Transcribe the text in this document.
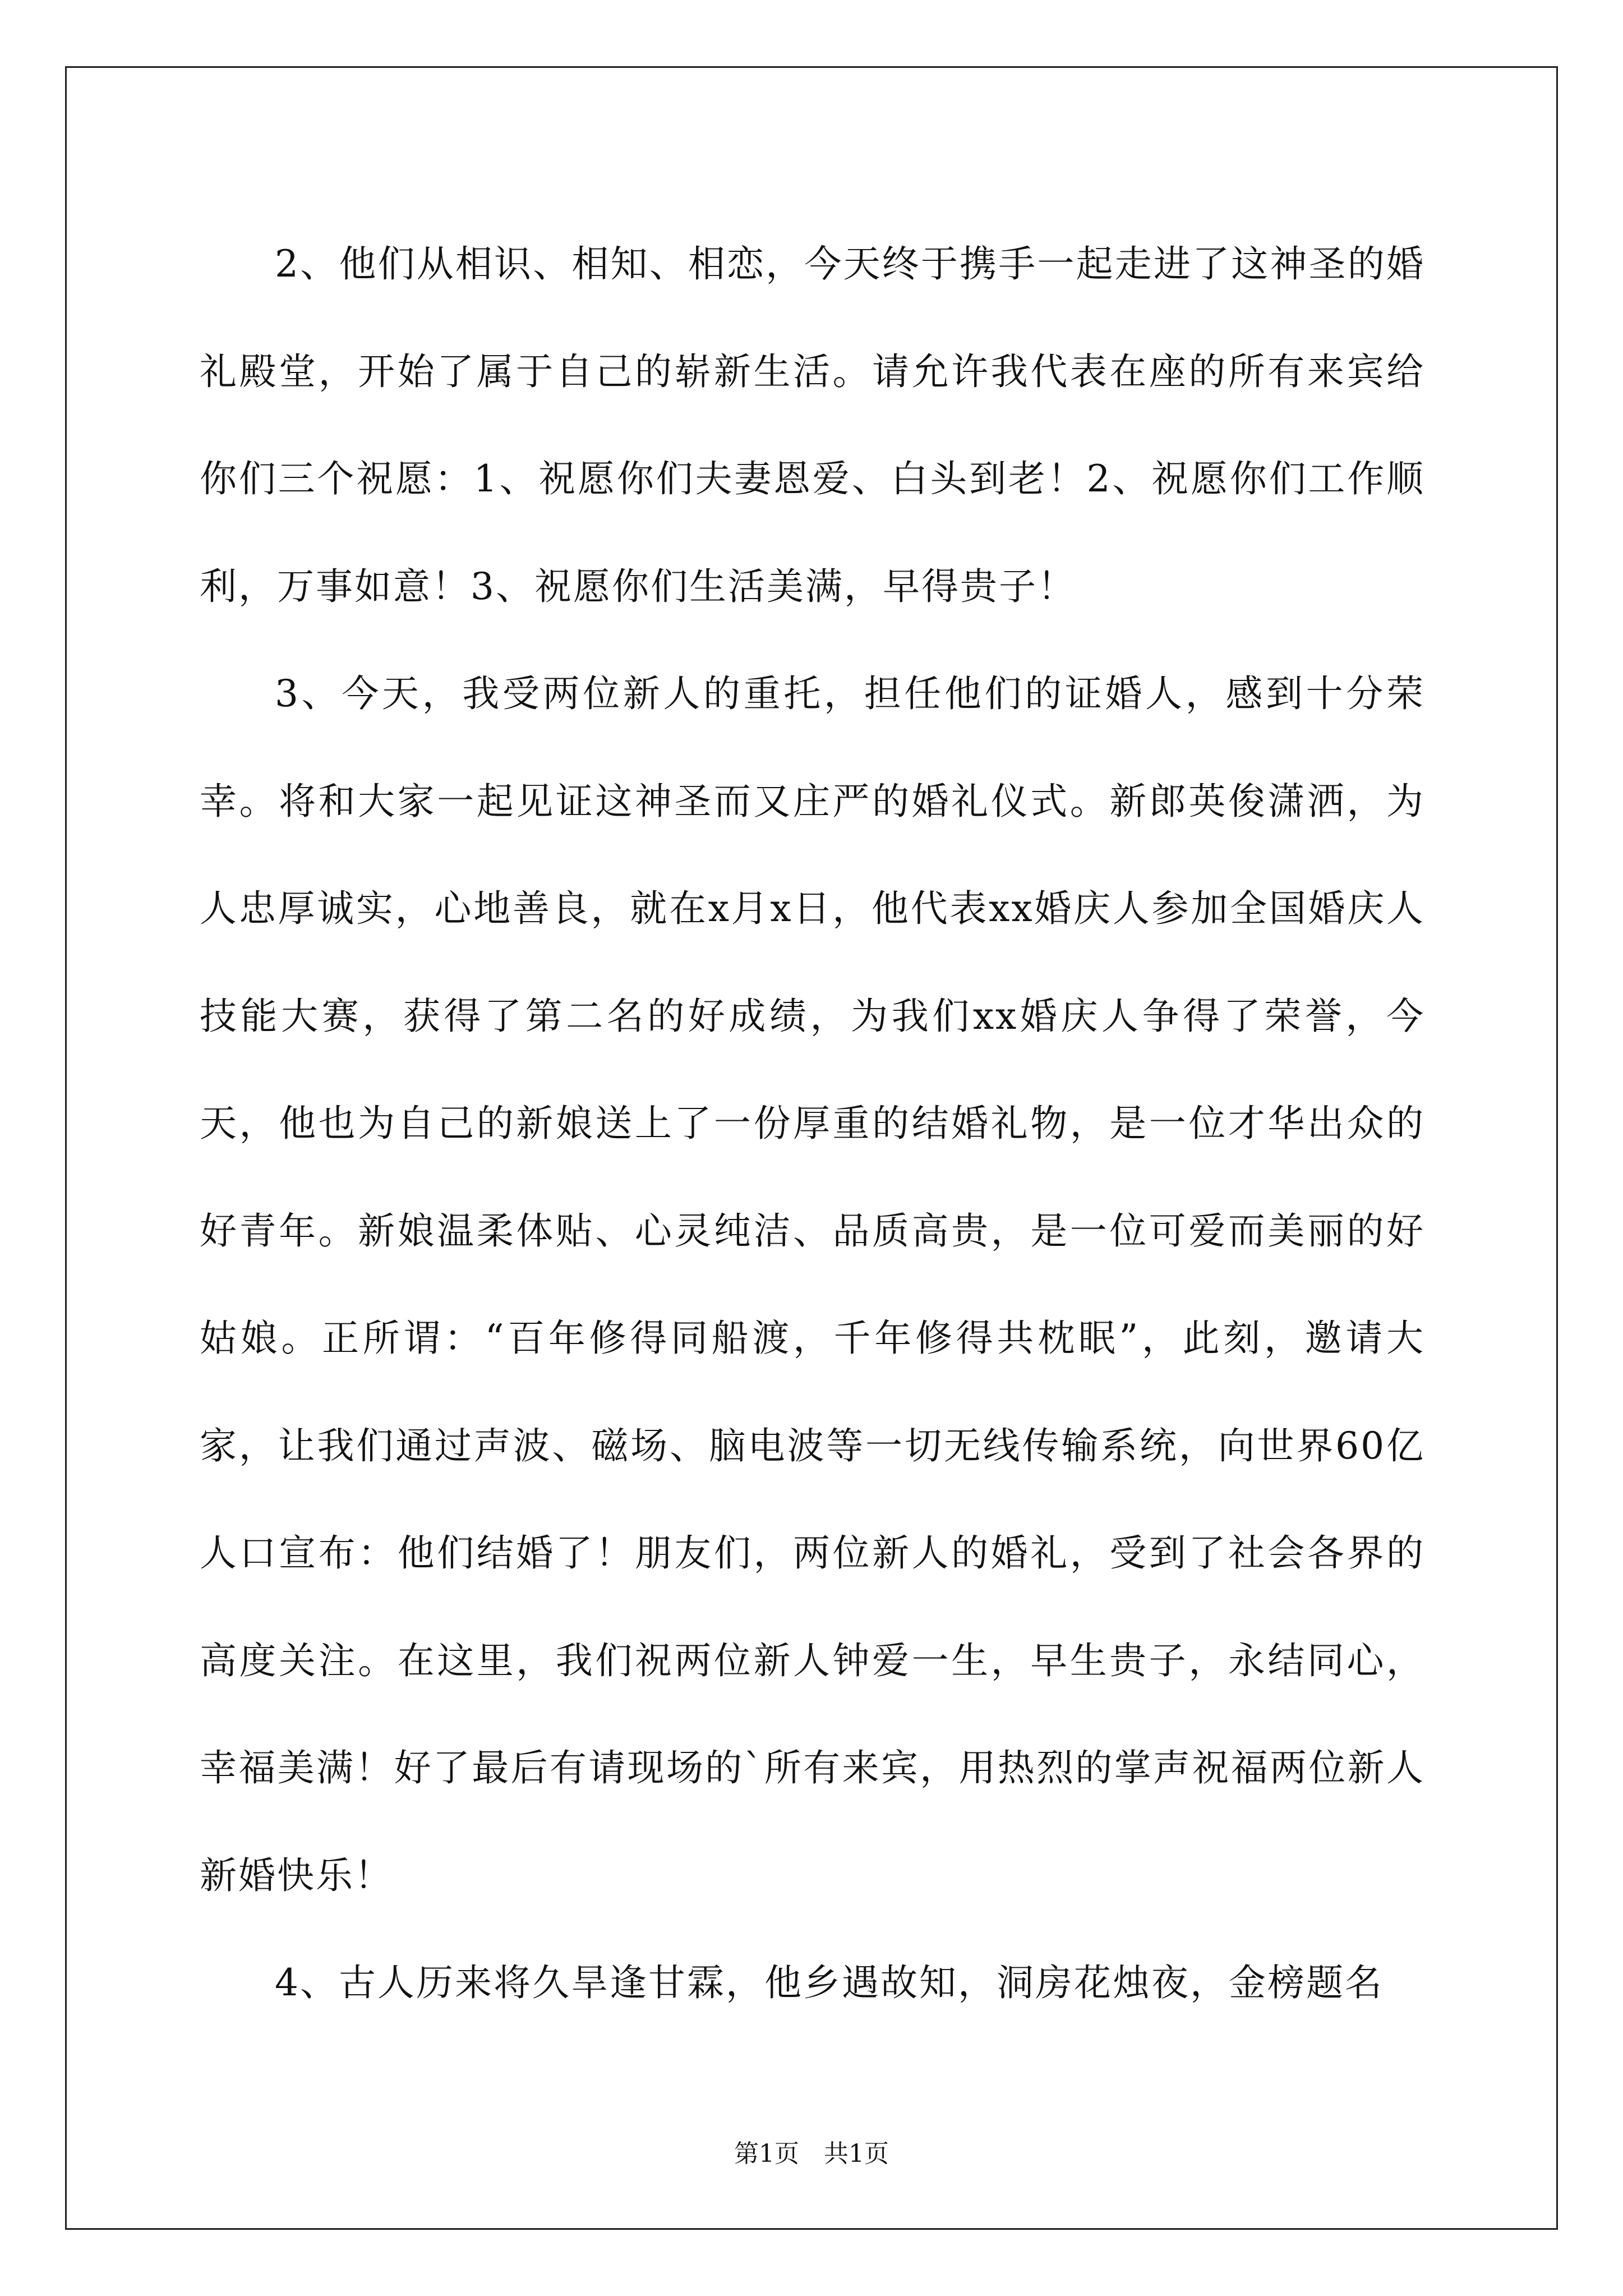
2、他们从相识、相知、相恋，今天终于携手一起走进了这神圣的婚礼殿堂，开始了属于自己的崭新生活。请允许我代表在座的所有来宾给你们三个祝愿：1、祝愿你们夫妻恩爱、白头到老！2、祝愿你们工作顺利，万事如意！3、祝愿你们生活美满，早得贵子！

3、今天，我受两位新人的重托，担任他们的证婚人，感到十分荣幸。将和大家一起见证这神圣而又庄严的婚礼仪式。新郎英俊潇洒，为人忠厚诚实，心地善良，就在x月x日，他代表xx婚庆人参加全国婚庆人技能大赛，获得了第二名的好成绩，为我们xx婚庆人争得了荣誉，今天，他也为自己的新娘送上了一份厚重的结婚礼物，是一位才华出众的好青年。新娘温柔体贴、心灵纯洁、品质高贵，是一位可爱而美丽的好姑娘。正所谓：“百年修得同船渡，千年修得共枕眠”，此刻，邀请大家，让我们通过声波、磁场、脑电波等一切无线传输系统，向世界60亿人口宣布：他们结婚了！朋友们，两位新人的婚礼，受到了社会各界的高度关注。在这里，我们祝两位新人钟爱一生，早生贵子，永结同心，幸福美满！好了最后有请现场的`所有来宾，用热烈的掌声祝福两位新人新婚快乐！

4、古人历来将久旱逢甘霖，他乡遇故知，洞房花烛夜，金榜题名

第1页 共1页
